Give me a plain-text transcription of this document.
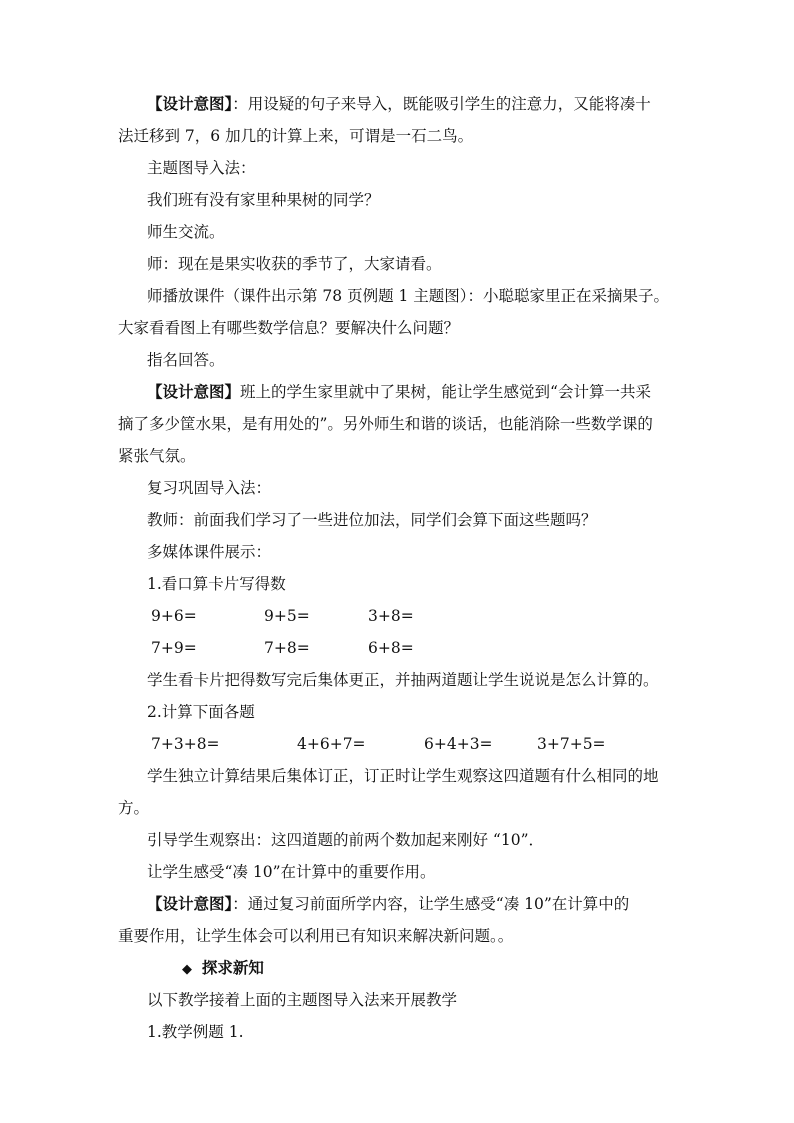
【设计意图】：用设疑的句子来导入，既能吸引学生的注意力，又能将凑十
法迁移到 7，6 加几的计算上来，可谓是一石二鸟。
主题图导入法：
我们班有没有家里种果树的同学？
师生交流。
师：现在是果实收获的季节了，大家请看。
师播放课件（课件出示第 78 页例题 1 主题图）：小聪聪家里正在采摘果子。
大家看看图上有哪些数学信息？要解决什么问题？
指名回答。
【设计意图】班上的学生家里就中了果树，能让学生感觉到“会计算一共采
摘了多少筐水果，是有用处的”。另外师生和谐的谈话，也能消除一些数学课的
紧张气氛。
复习巩固导入法：
教师：前面我们学习了一些进位加法，同学们会算下面这些题吗？
多媒体课件展示：
1.看口算卡片写得数
9+6=	9+5=	3+8=
7+9=	7+8=	6+8=
学生看卡片把得数写完后集体更正，并抽两道题让学生说说是怎么计算的。
2.计算下面各题
7+3+8=	4+6+7=	6+4+3=	3+7+5=
学生独立计算结果后集体订正，订正时让学生观察这四道题有什么相同的地
方。
引导学生观察出：这四道题的前两个数加起来刚好 “10”．
让学生感受“凑 10”在计算中的重要作用。
【设计意图】：通过复习前面所学内容，让学生感受“凑 10”在计算中的
重要作用，让学生体会可以利用已有知识来解决新问题。。
◆ 探求新知
以下教学接着上面的主题图导入法来开展教学
1.教学例题 1.
